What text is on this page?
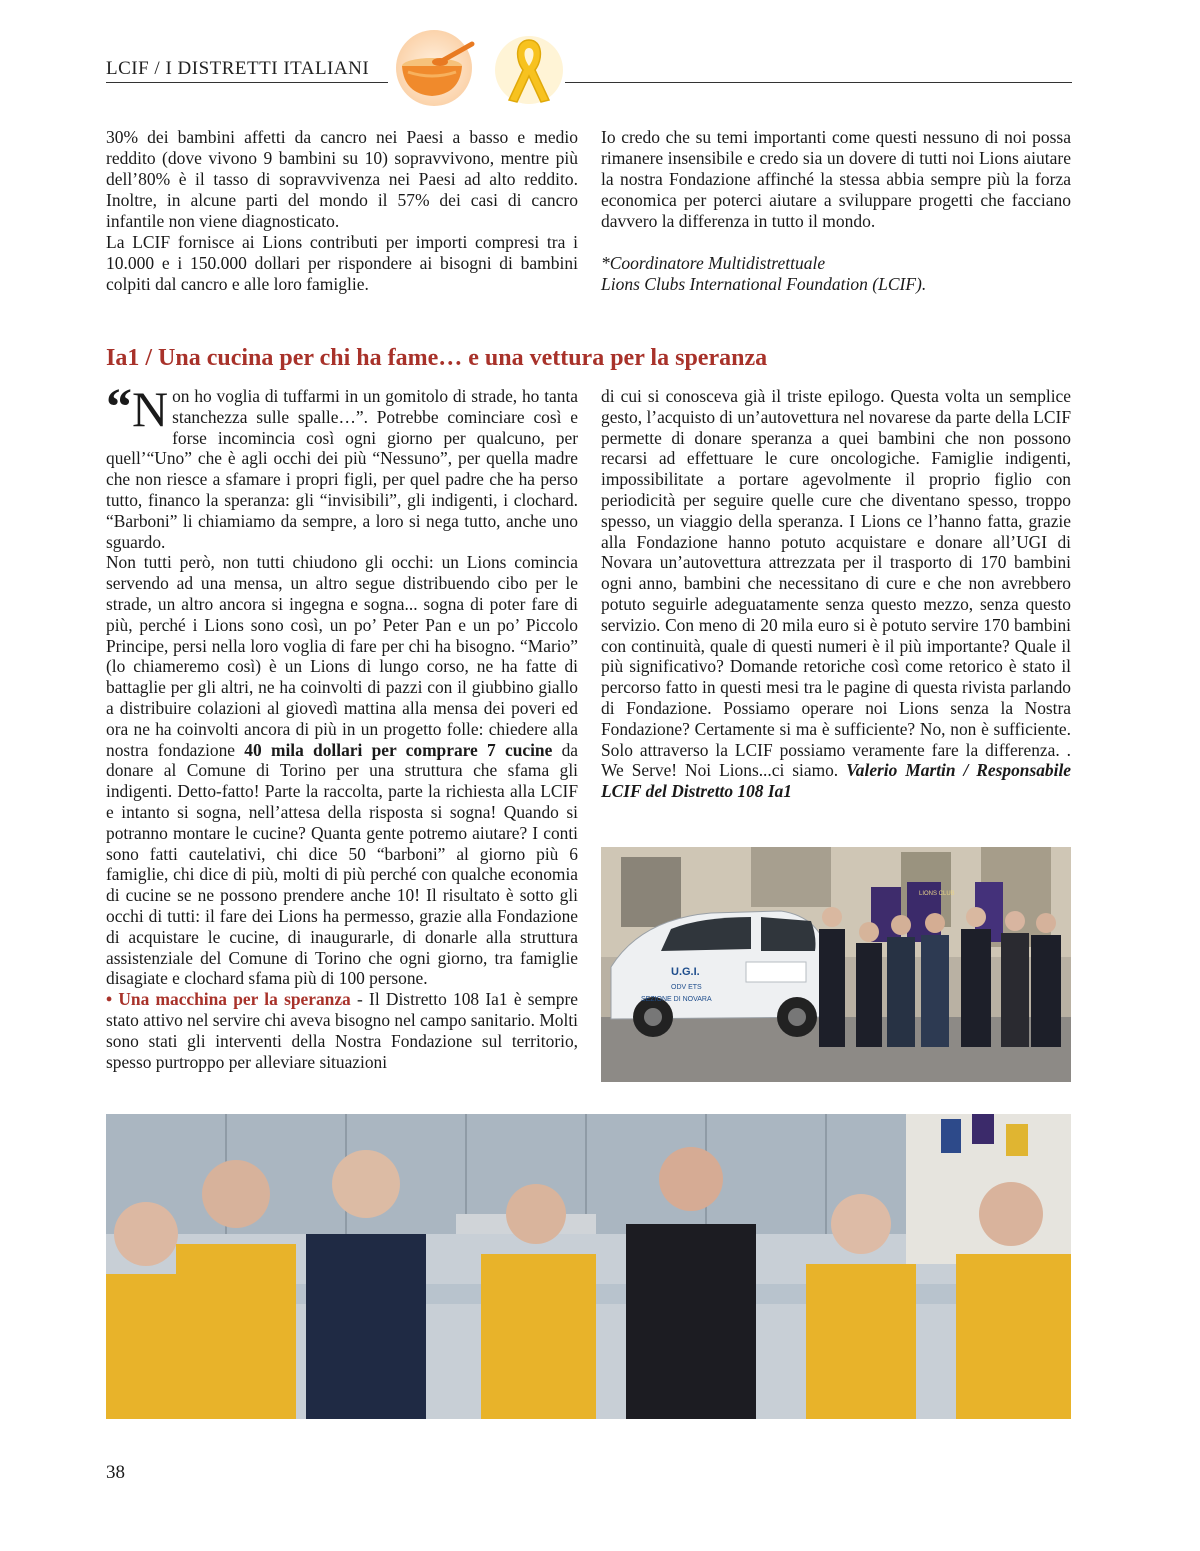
LCIF / I DISTRETTI ITALIANI

30% dei bambini affetti da cancro nei Paesi a basso e medio reddito (dove vivono 9 bambini su 10) sopravvivono, mentre più dell’80% è il tasso di sopravvivenza nei Paesi ad alto reddito. Inoltre, in alcune parti del mondo il 57% dei casi di cancro infantile non viene diagnosticato.

La LCIF fornisce ai Lions contributi per importi compresi tra i 10.000 e i 150.000 dollari per rispondere ai bisogni di bambini colpiti dal cancro e alle loro famiglie.

Io credo che su temi importanti come questi nessuno di noi possa rimanere insensibile e credo sia un dovere di tutti noi Lions aiutare la nostra Fondazione affinché la stessa abbia sempre più la forza economica per poterci aiutare a sviluppare progetti che facciano davvero la differenza in tutto il mondo.

*Coordinatore Multidistrettuale

Lions Clubs International Foundation (LCIF).

Ia1 / Una cucina per chi ha fame… e una vettura per la speranza

“ N on ho voglia di tuffarmi in un gomitolo di strade, ho tanta stanchezza sulle spalle…”. Potrebbe cominciare così e forse incomincia così ogni giorno per qualcuno, per quell’“Uno” che è agli occhi dei più “Nessuno”, per quella madre che non riesce a sfamare i propri figli, per quel padre che ha perso tutto, financo la speranza: gli “invisibili”, gli indigenti, i clochard. “Barboni” li chiamiamo da sempre, a loro si nega tutto, anche uno sguardo.

Non tutti però, non tutti chiudono gli occhi: un Lions comincia servendo ad una mensa, un altro segue distribuendo cibo per le strade, un altro ancora si ingegna e sogna... sogna di poter fare di più, perché i Lions sono così, un po’ Peter Pan e un po’ Piccolo Principe, persi nella loro voglia di fare per chi ha bisogno. “Mario” (lo chiameremo così) è un Lions di lungo corso, ne ha fatte di battaglie per gli altri, ne ha coinvolti di pazzi con il giubbino giallo a distribuire colazioni al giovedì mattina alla mensa dei poveri ed ora ne ha coinvolti ancora di più in un progetto folle: chiedere alla nostra fondazione 40 mila dollari per comprare 7 cucine da donare al Comune di Torino per una struttura che sfama gli indigenti. Detto-fatto! Parte la raccolta, parte la richiesta alla LCIF e intanto si sogna, nell’attesa della risposta si sogna! Quando si potranno montare le cucine? Quanta gente potremo aiutare? I conti sono fatti cautelativi, chi dice 50 “barboni” al giorno più 6 famiglie, chi dice di più, molti di più perché con qualche economia di cucine se ne possono prendere anche 10! Il risultato è sotto gli occhi di tutti: il fare dei Lions ha permesso, grazie alla Fondazione di acquistare le cucine, di inaugurarle, di donarle alla struttura assistenziale del Comune di Torino che ogni giorno, tra famiglie disagiate e clochard sfama più di 100 persone.

• Una macchina per la speranza - Il Distretto 108 Ia1 è sempre stato attivo nel servire chi aveva bisogno nel campo sanitario. Molti sono stati gli interventi della Nostra Fondazione sul territorio, spesso purtroppo per alleviare situazioni

di cui si conosceva già il triste epilogo. Questa volta un semplice gesto, l’acquisto di un’autovettura nel novarese da parte della LCIF permette di donare speranza a quei bambini che non possono recarsi ad effettuare le cure oncologiche. Famiglie indigenti, impossibilitate a portare agevolmente il proprio figlio con periodicità per seguire quelle cure che diventano spesso, troppo spesso, un viaggio della speranza. I Lions ce l’hanno fatta, grazie alla Fondazione hanno potuto acquistare e donare all’UGI di Novara un’autovettura attrezzata per il trasporto di 170 bambini ogni anno, bambini che necessitano di cure e che non avrebbero potuto seguirle adeguatamente senza questo mezzo, senza questo servizio. Con meno di 20 mila euro si è potuto servire 170 bambini con continuità, quale di questi numeri è il più importante? Quale il più significativo? Domande retoriche così come retorico è stato il percorso fatto in questi mesi tra le pagine di questa rivista parlando di Fondazione. Possiamo operare noi Lions senza la Nostra Fondazione? Certamente si ma è sufficiente? No, non è sufficiente. Solo attraverso la LCIF possiamo veramente fare la differenza. . We Serve! Noi Lions...ci siamo. Valerio Martin / Responsabile LCIF del Distretto 108 Ia1

LIONS CLUB
U.G.I.
ODV ETS
SEZIONE DI NOVARA
38
